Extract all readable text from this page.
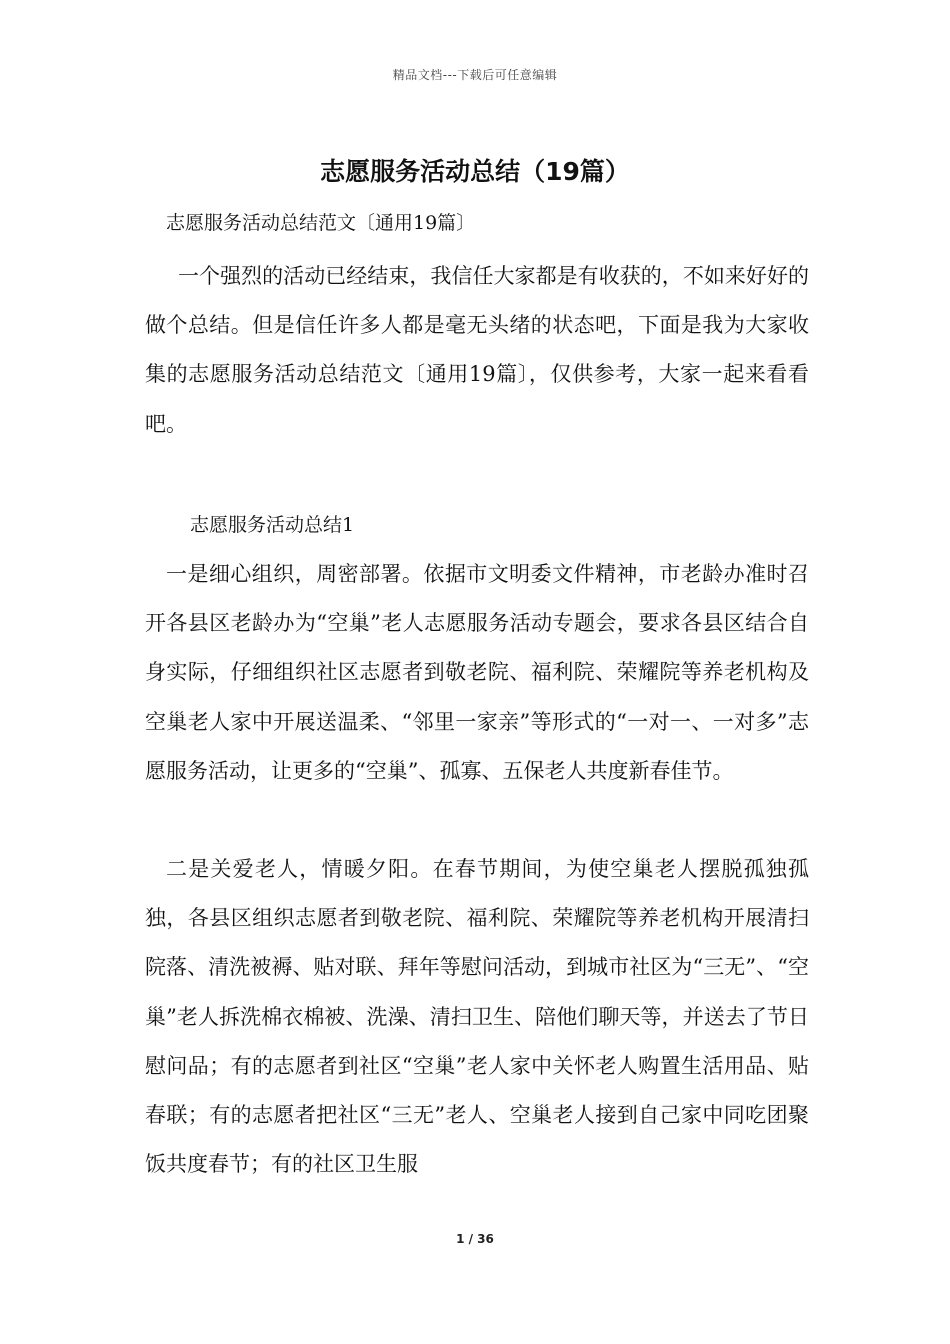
精品文档---下载后可任意编辑
志愿服务活动总结（19篇）
志愿服务活动总结范文〔通用19篇〕
一个强烈的活动已经结束，我信任大家都是有收获的，不如来好好的做个总结。但是信任许多人都是毫无头绪的状态吧，下面是我为大家收集的志愿服务活动总结范文〔通用19篇〕，仅供参考，大家一起来看看吧。
志愿服务活动总结1
一是细心组织，周密部署。依据市文明委文件精神，市老龄办准时召开各县区老龄办为“空巢”老人志愿服务活动专题会，要求各县区结合自身实际，仔细组织社区志愿者到敬老院、福利院、荣耀院等养老机构及空巢老人家中开展送温柔、“邻里一家亲”等形式的“一对一、一对多”志愿服务活动，让更多的“空巢”、孤寡、五保老人共度新春佳节。
二是关爱老人，情暖夕阳。在春节期间，为使空巢老人摆脱孤独孤独，各县区组织志愿者到敬老院、福利院、荣耀院等养老机构开展清扫院落、清洗被褥、贴对联、拜年等慰问活动，到城市社区为“三无”、“空巢”老人拆洗棉衣棉被、洗澡、清扫卫生、陪他们聊天等，并送去了节日慰问品；有的志愿者到社区“空巢”老人家中关怀老人购置生活用品、贴春联；有的志愿者把社区“三无”老人、空巢老人接到自己家中同吃团聚饭共度春节；有的社区卫生服
1 / 36
